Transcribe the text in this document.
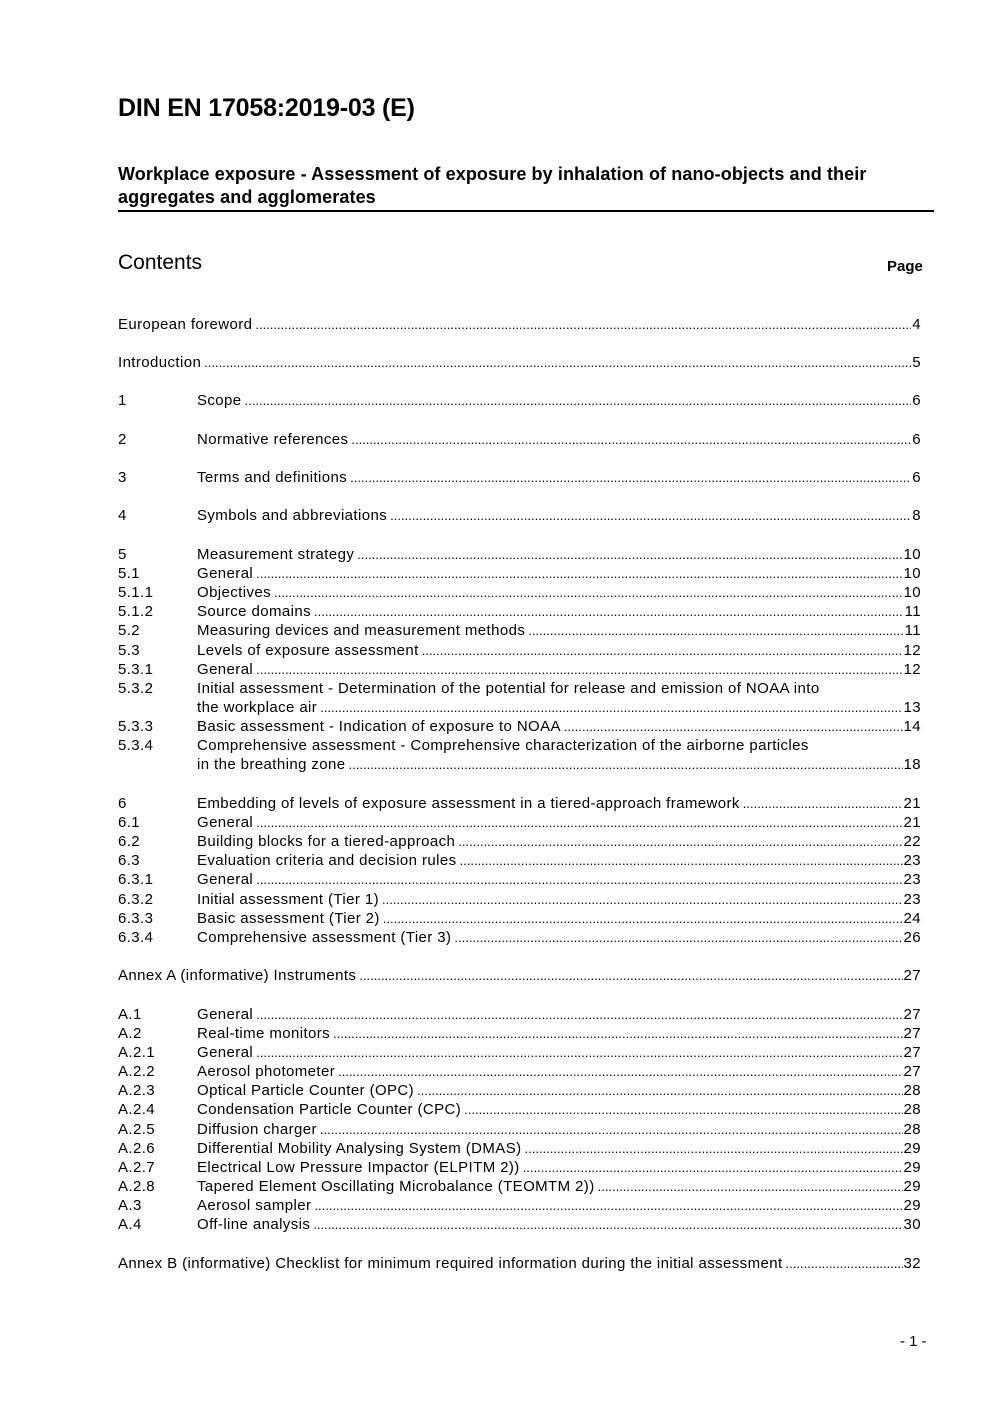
DIN EN 17058:2019-03 (E)
Workplace exposure - Assessment of exposure by inhalation of nano-objects and their aggregates and agglomerates
Contents	Page
European foreword .....	4
Introduction .....	5
1	Scope .....	6
2	Normative references .....	6
3	Terms and definitions .....	6
4	Symbols and abbreviations .....	8
5	Measurement strategy .....	10
5.1	General .....	10
5.1.1	Objectives .....	10
5.1.2	Source domains .....	11
5.2	Measuring devices and measurement methods .....	11
5.3	Levels of exposure assessment .....	12
5.3.1	General .....	12
5.3.2	Initial assessment - Determination of the potential for release and emission of NOAA into
the workplace air .....	13
5.3.3	Basic assessment - Indication of exposure to NOAA .....	14
5.3.4	Comprehensive assessment - Comprehensive characterization of the airborne particles
in the breathing zone .....	18
6	Embedding of levels of exposure assessment in a tiered-approach framework .....	21
6.1	General .....	21
6.2	Building blocks for a tiered-approach .....	22
6.3	Evaluation criteria and decision rules .....	23
6.3.1	General .....	23
6.3.2	Initial assessment (Tier 1) .....	23
6.3.3	Basic assessment (Tier 2) .....	24
6.3.4	Comprehensive assessment (Tier 3) .....	26
Annex A (informative) Instruments .....	27
A.1	General .....	27
A.2	Real-time monitors .....	27
A.2.1	General .....	27
A.2.2	Aerosol photometer .....	27
A.2.3	Optical Particle Counter (OPC) .....	28
A.2.4	Condensation Particle Counter (CPC) .....	28
A.2.5	Diffusion charger .....	28
A.2.6	Differential Mobility Analysing System (DMAS) .....	29
A.2.7	Electrical Low Pressure Impactor (ELPITM 2)) .....	29
A.2.8	Tapered Element Oscillating Microbalance (TEOMTM 2)) .....	29
A.3	Aerosol sampler .....	29
A.4	Off-line analysis .....	30
Annex B (informative) Checklist for minimum required information during the initial assessment .....	32
- 1 -
